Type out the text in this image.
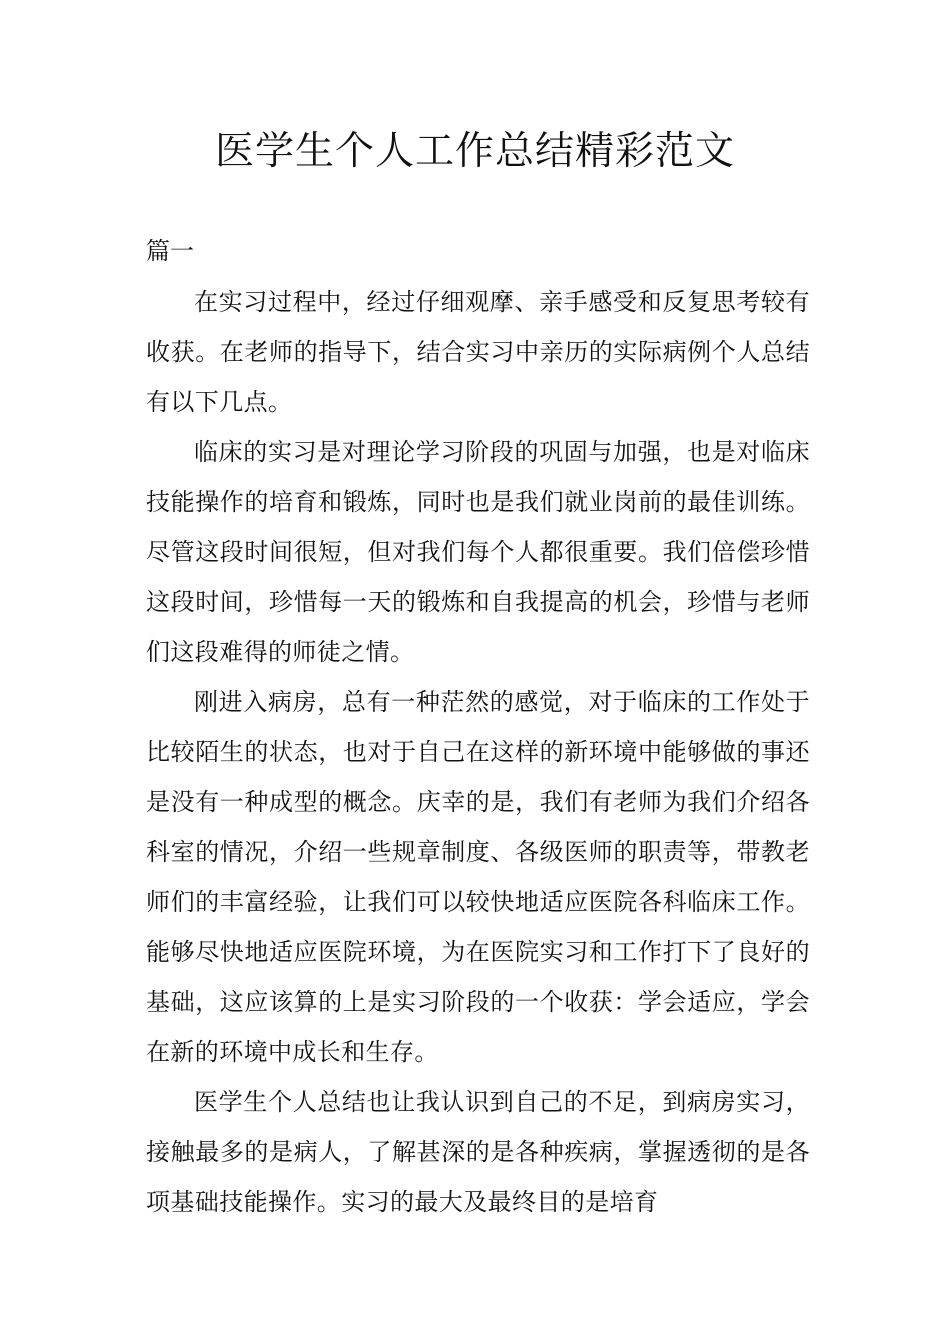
医学生个人工作总结精彩范文

篇一

在实习过程中，经过仔细观摩、亲手感受和反复思考较有收获。在老师的指导下，结合实习中亲历的实际病例个人总结有以下几点。

临床的实习是对理论学习阶段的巩固与加强，也是对临床技能操作的培育和锻炼，同时也是我们就业岗前的最佳训练。尽管这段时间很短，但对我们每个人都很重要。我们倍偿珍惜这段时间，珍惜每一天的锻炼和自我提高的机会，珍惜与老师们这段难得的师徒之情。

刚进入病房，总有一种茫然的感觉，对于临床的工作处于比较陌生的状态，也对于自己在这样的新环境中能够做的事还是没有一种成型的概念。庆幸的是，我们有老师为我们介绍各科室的情况，介绍一些规章制度、各级医师的职责等，带教老师们的丰富经验，让我们可以较快地适应医院各科临床工作。能够尽快地适应医院环境，为在医院实习和工作打下了良好的基础，这应该算的上是实习阶段的一个收获：学会适应，学会在新的环境中成长和生存。

医学生个人总结也让我认识到自己的不足，到病房实习，接触最多的是病人，了解甚深的是各种疾病，掌握透彻的是各项基础技能操作。实习的最大及最终目的是培育
